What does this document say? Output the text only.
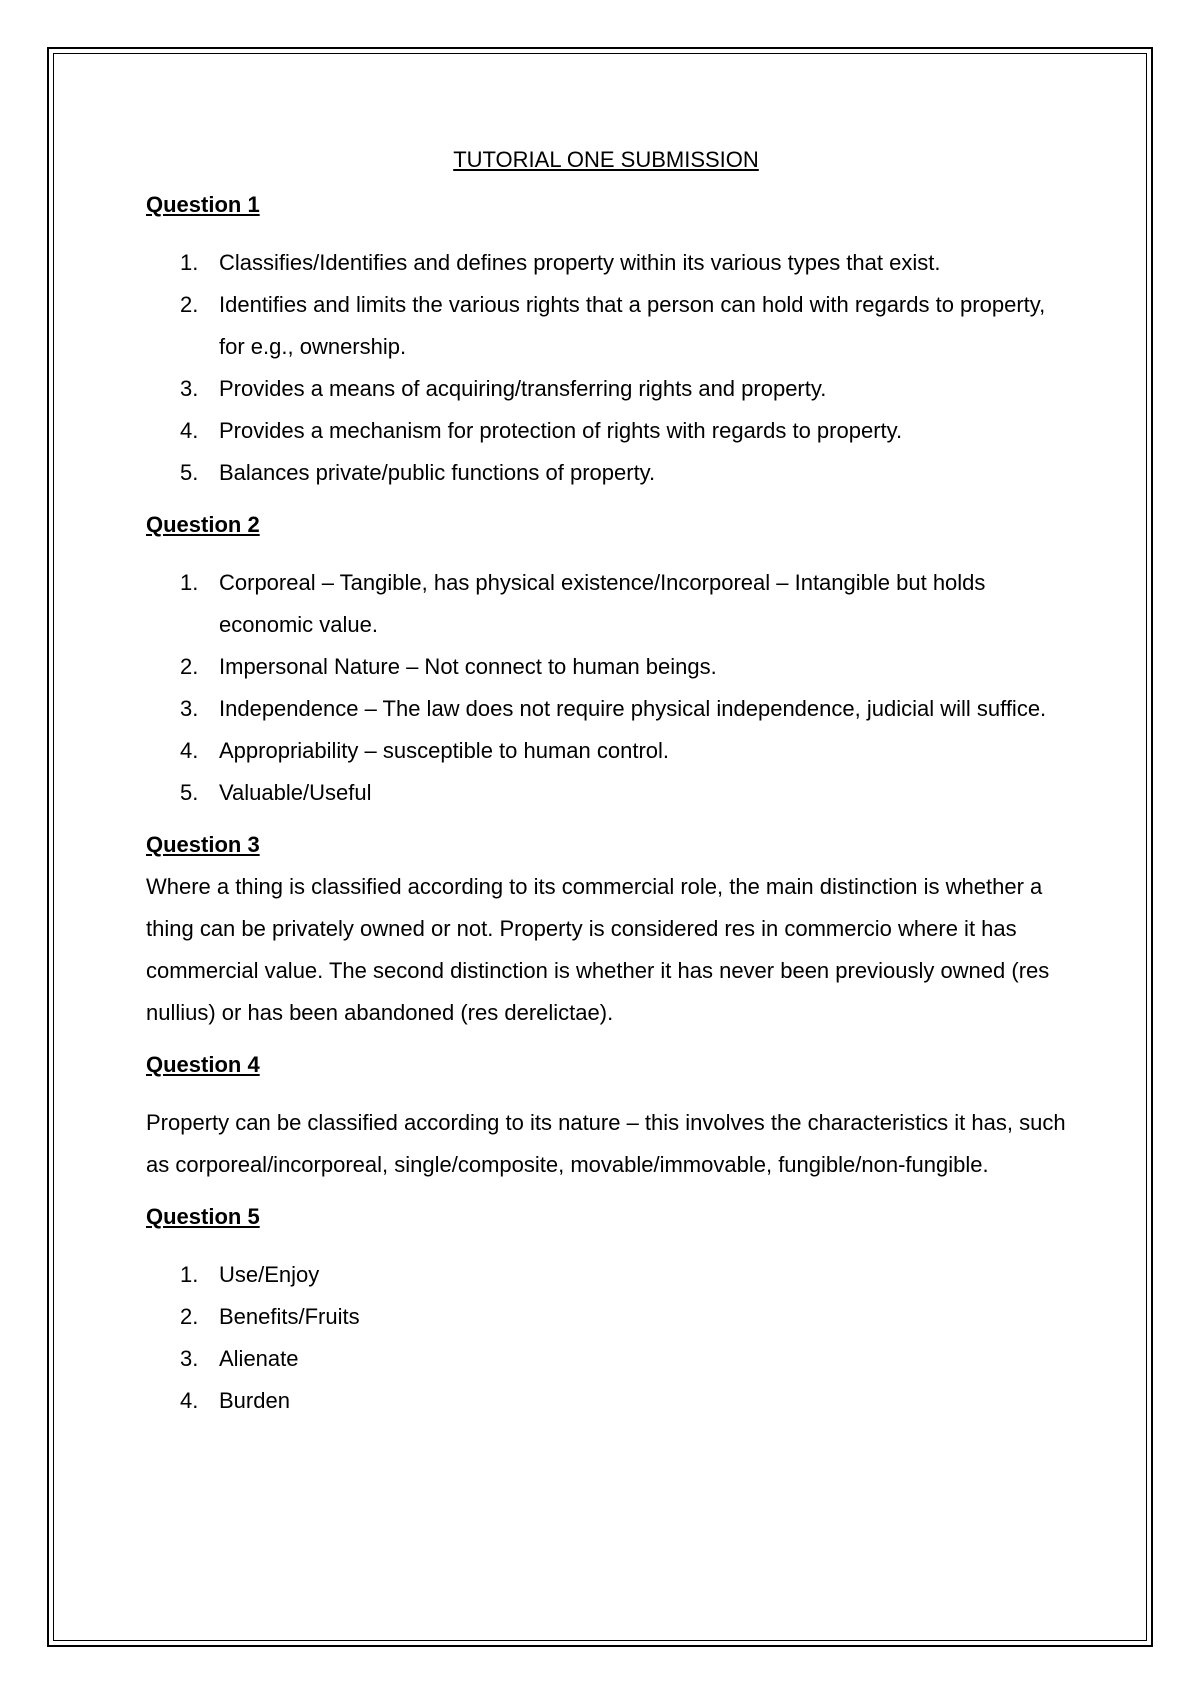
TUTORIAL ONE SUBMISSION

Question 1

1. Classifies/Identifies and defines property within its various types that exist.
2. Identifies and limits the various rights that a person can hold with regards to property, for e.g., ownership.
3. Provides a means of acquiring/transferring rights and property.
4. Provides a mechanism for protection of rights with regards to property.
5. Balances private/public functions of property.

Question 2

1. Corporeal – Tangible, has physical existence/Incorporeal – Intangible but holds economic value.
2. Impersonal Nature – Not connect to human beings.
3. Independence – The law does not require physical independence, judicial will suffice.
4. Appropriability – susceptible to human control.
5. Valuable/Useful

Question 3

Where a thing is classified according to its commercial role, the main distinction is whether a thing can be privately owned or not. Property is considered res in commercio where it has commercial value. The second distinction is whether it has never been previously owned (res nullius) or has been abandoned (res derelictae).

Question 4

Property can be classified according to its nature – this involves the characteristics it has, such as corporeal/incorporeal, single/composite, movable/immovable, fungible/non-fungible.

Question 5

1. Use/Enjoy
2. Benefits/Fruits
3. Alienate
4. Burden
